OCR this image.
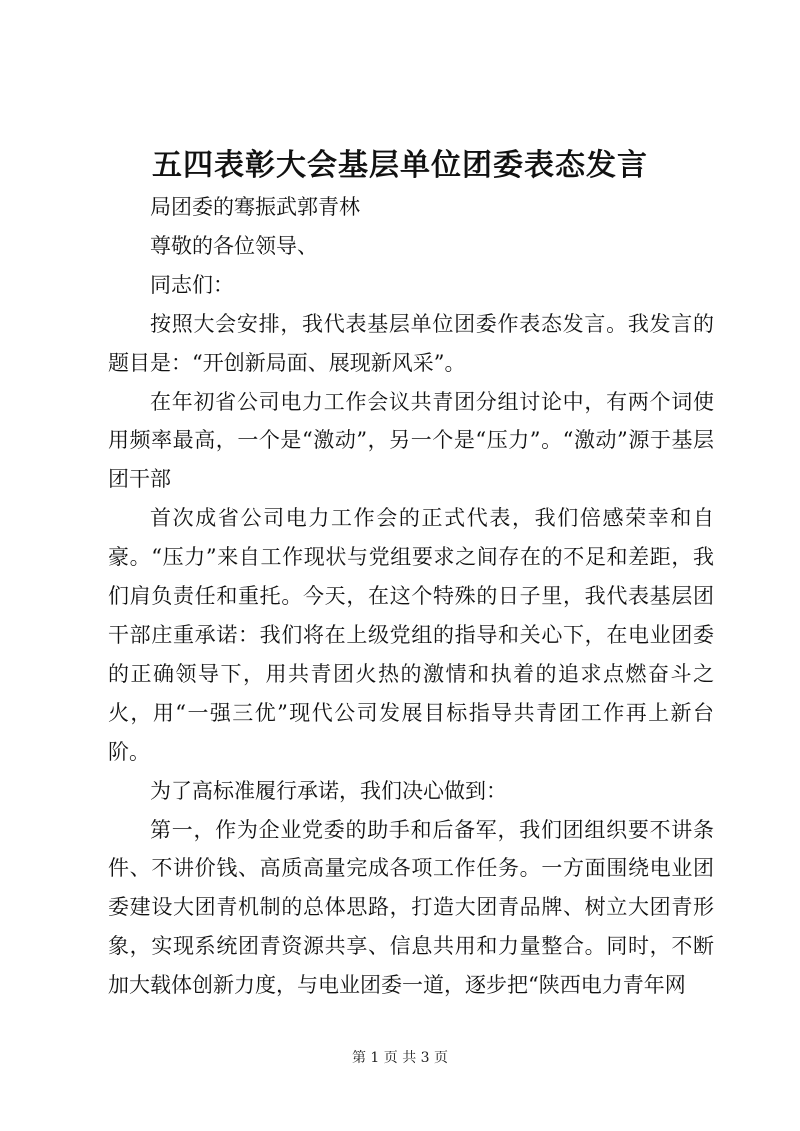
五四表彰大会基层单位团委表态发言

局团委的骞振武郭青林

尊敬的各位领导、

同志们：

按照大会安排，我代表基层单位团委作表态发言。我发言的题目是：“开创新局面、展现新风采”。

在年初省公司电力工作会议共青团分组讨论中，有两个词使用频率最高，一个是“激动”，另一个是“压力”。“激动”源于基层团干部

首次成省公司电力工作会的正式代表，我们倍感荣幸和自豪。“压力”来自工作现状与党组要求之间存在的不足和差距，我们肩负责任和重托。今天，在这个特殊的日子里，我代表基层团干部庄重承诺：我们将在上级党组的指导和关心下，在电业团委的正确领导下，用共青团火热的激情和执着的追求点燃奋斗之火，用“一强三优”现代公司发展目标指导共青团工作再上新台阶。

为了高标准履行承诺，我们决心做到：

第一，作为企业党委的助手和后备军，我们团组织要不讲条件、不讲价钱、高质高量完成各项工作任务。一方面围绕电业团委建设大团青机制的总体思路，打造大团青品牌、树立大团青形象，实现系统团青资源共享、信息共用和力量整合。同时，不断加大载体创新力度，与电业团委一道，逐步把“陕西电力青年网

第 1 页 共 3 页
